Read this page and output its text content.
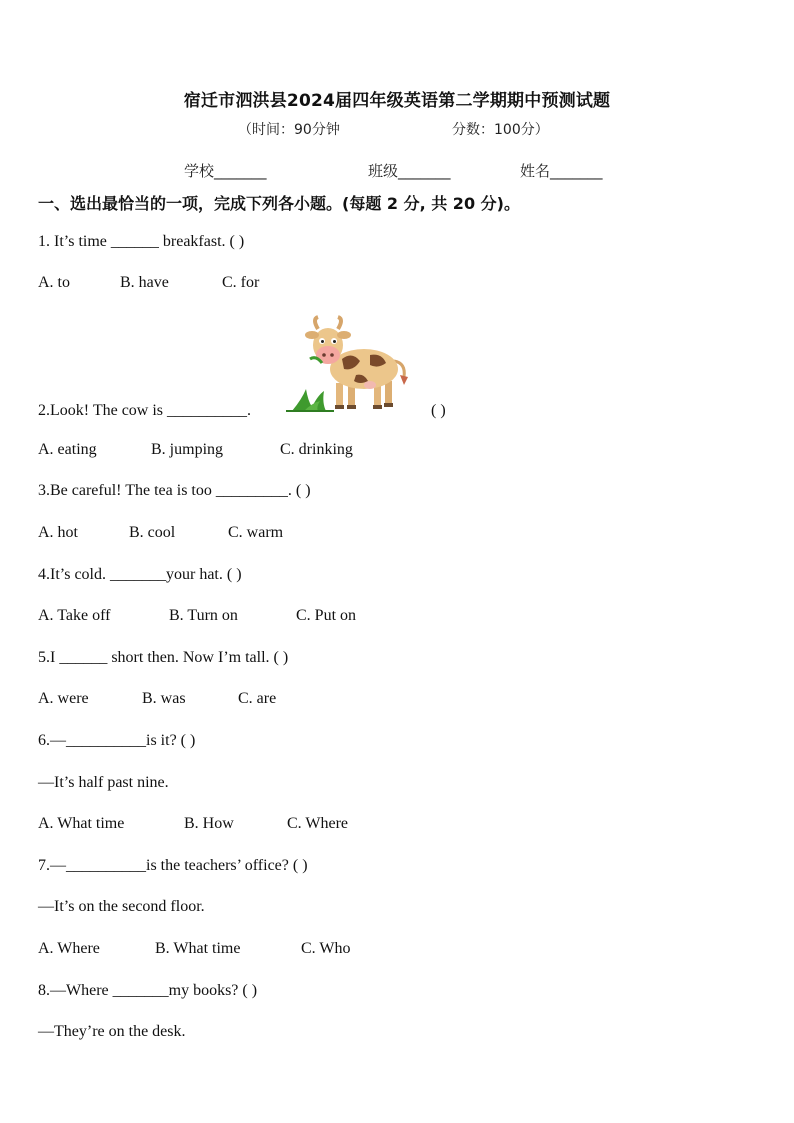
宿迁市泗洪县2024届四年级英语第二学期期中预测试题
（时间：90分钟	分数：100分）
学校_______	班级_______	姓名_______
一、选出最恰当的一项，完成下列各小题。(每题 2 分, 共 20 分)。
1. It’s time ______ breakfast. ( )
A. to	B. have	C. for
2.Look! The cow is __________.	( )
A. eating	B. jumping	C. drinking
3.Be careful! The tea is too _________. ( )
A. hot	B. cool	C. warm
4.It’s cold. _______your hat. ( )
A. Take off	B. Turn on	C. Put on
5.I ______ short then. Now I’m tall. ( )
A. were	B. was	C. are
6.—__________is it? ( )
—It’s half past nine.
A. What time	B. How	C. Where
7.—__________is the teachers’ office? ( )
—It’s on the second floor.
A. Where	B. What time	C. Who
8.—Where _______my books? ( )
—They’re on the desk.
